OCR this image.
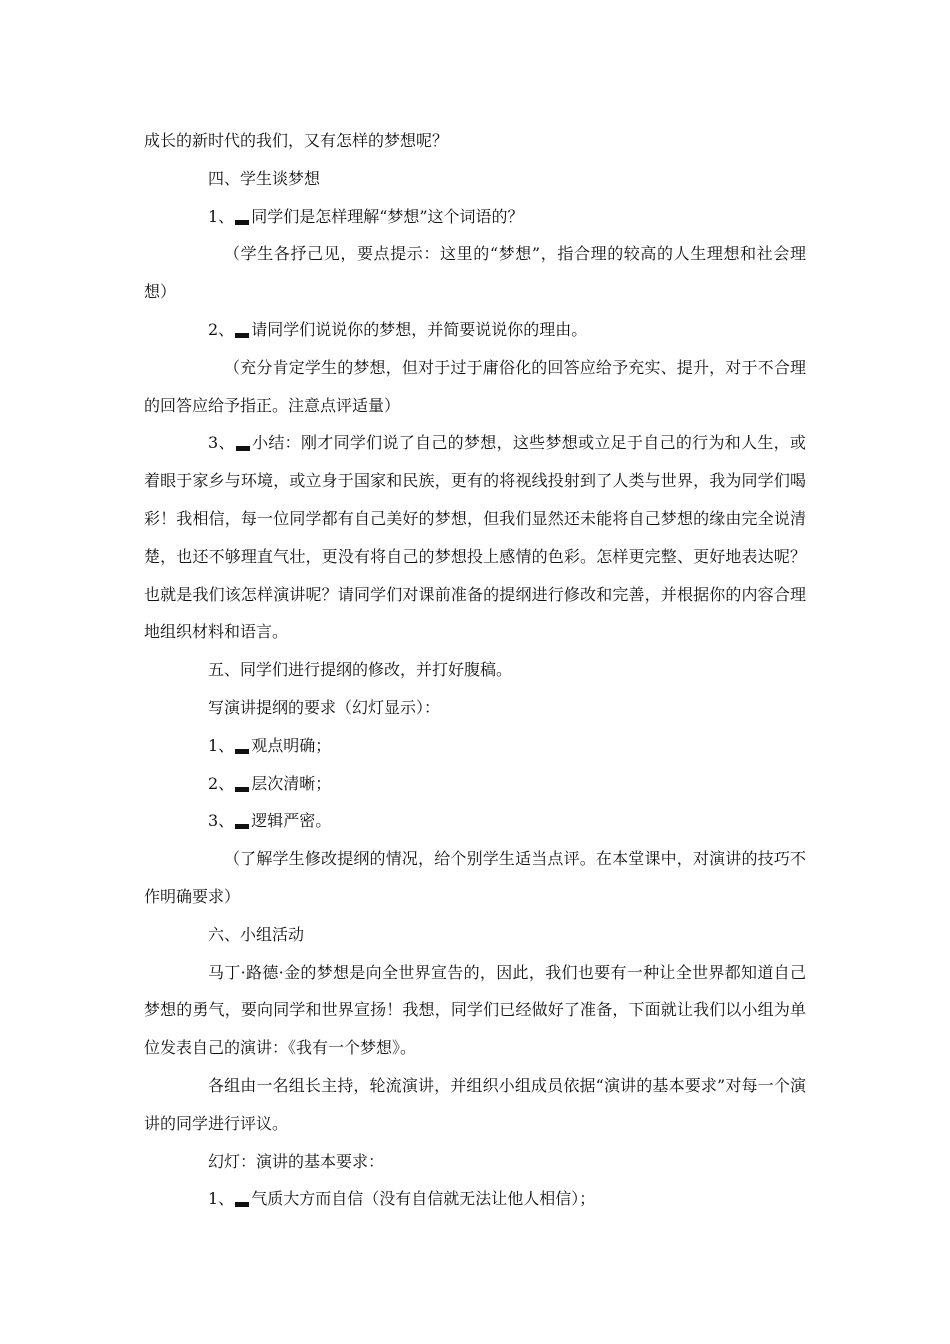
成长的新时代的我们，又有怎样的梦想呢？

四、学生谈梦想

1、 同学们是怎样理解“梦想”这个词语的？

（学生各抒己见，要点提示：这里的“梦想”，指合理的较高的人生理想和社会理想）

2、 请同学们说说你的梦想，并简要说说你的理由。

（充分肯定学生的梦想，但对于过于庸俗化的回答应给予充实、提升，对于不合理的回答应给予指正。注意点评适量）

3、 小结：刚才同学们说了自己的梦想，这些梦想或立足于自己的行为和人生，或着眼于家乡与环境，或立身于国家和民族，更有的将视线投射到了人类与世界，我为同学们喝彩！我相信，每一位同学都有自己美好的梦想，但我们显然还未能将自己梦想的缘由完全说清楚，也还不够理直气壮，更没有将自己的梦想投上感情的色彩。怎样更完整、更好地表达呢？也就是我们该怎样演讲呢？请同学们对课前准备的提纲进行修改和完善，并根据你的内容合理地组织材料和语言。

五、同学们进行提纲的修改，并打好腹稿。

写演讲提纲的要求（幻灯显示）：

1、 观点明确；

2、 层次清晰；

3、 逻辑严密。

（了解学生修改提纲的情况，给个别学生适当点评。在本堂课中，对演讲的技巧不作明确要求）

六、小组活动

马丁·路德·金的梦想是向全世界宣告的，因此，我们也要有一种让全世界都知道自己梦想的勇气，要向同学和世界宣扬！我想，同学们已经做好了准备，下面就让我们以小组为单位发表自己的演讲：《我有一个梦想》。

各组由一名组长主持，轮流演讲，并组织小组成员依据“演讲的基本要求”对每一个演讲的同学进行评议。

幻灯：演讲的基本要求：

1、 气质大方而自信（没有自信就无法让他人相信）；
